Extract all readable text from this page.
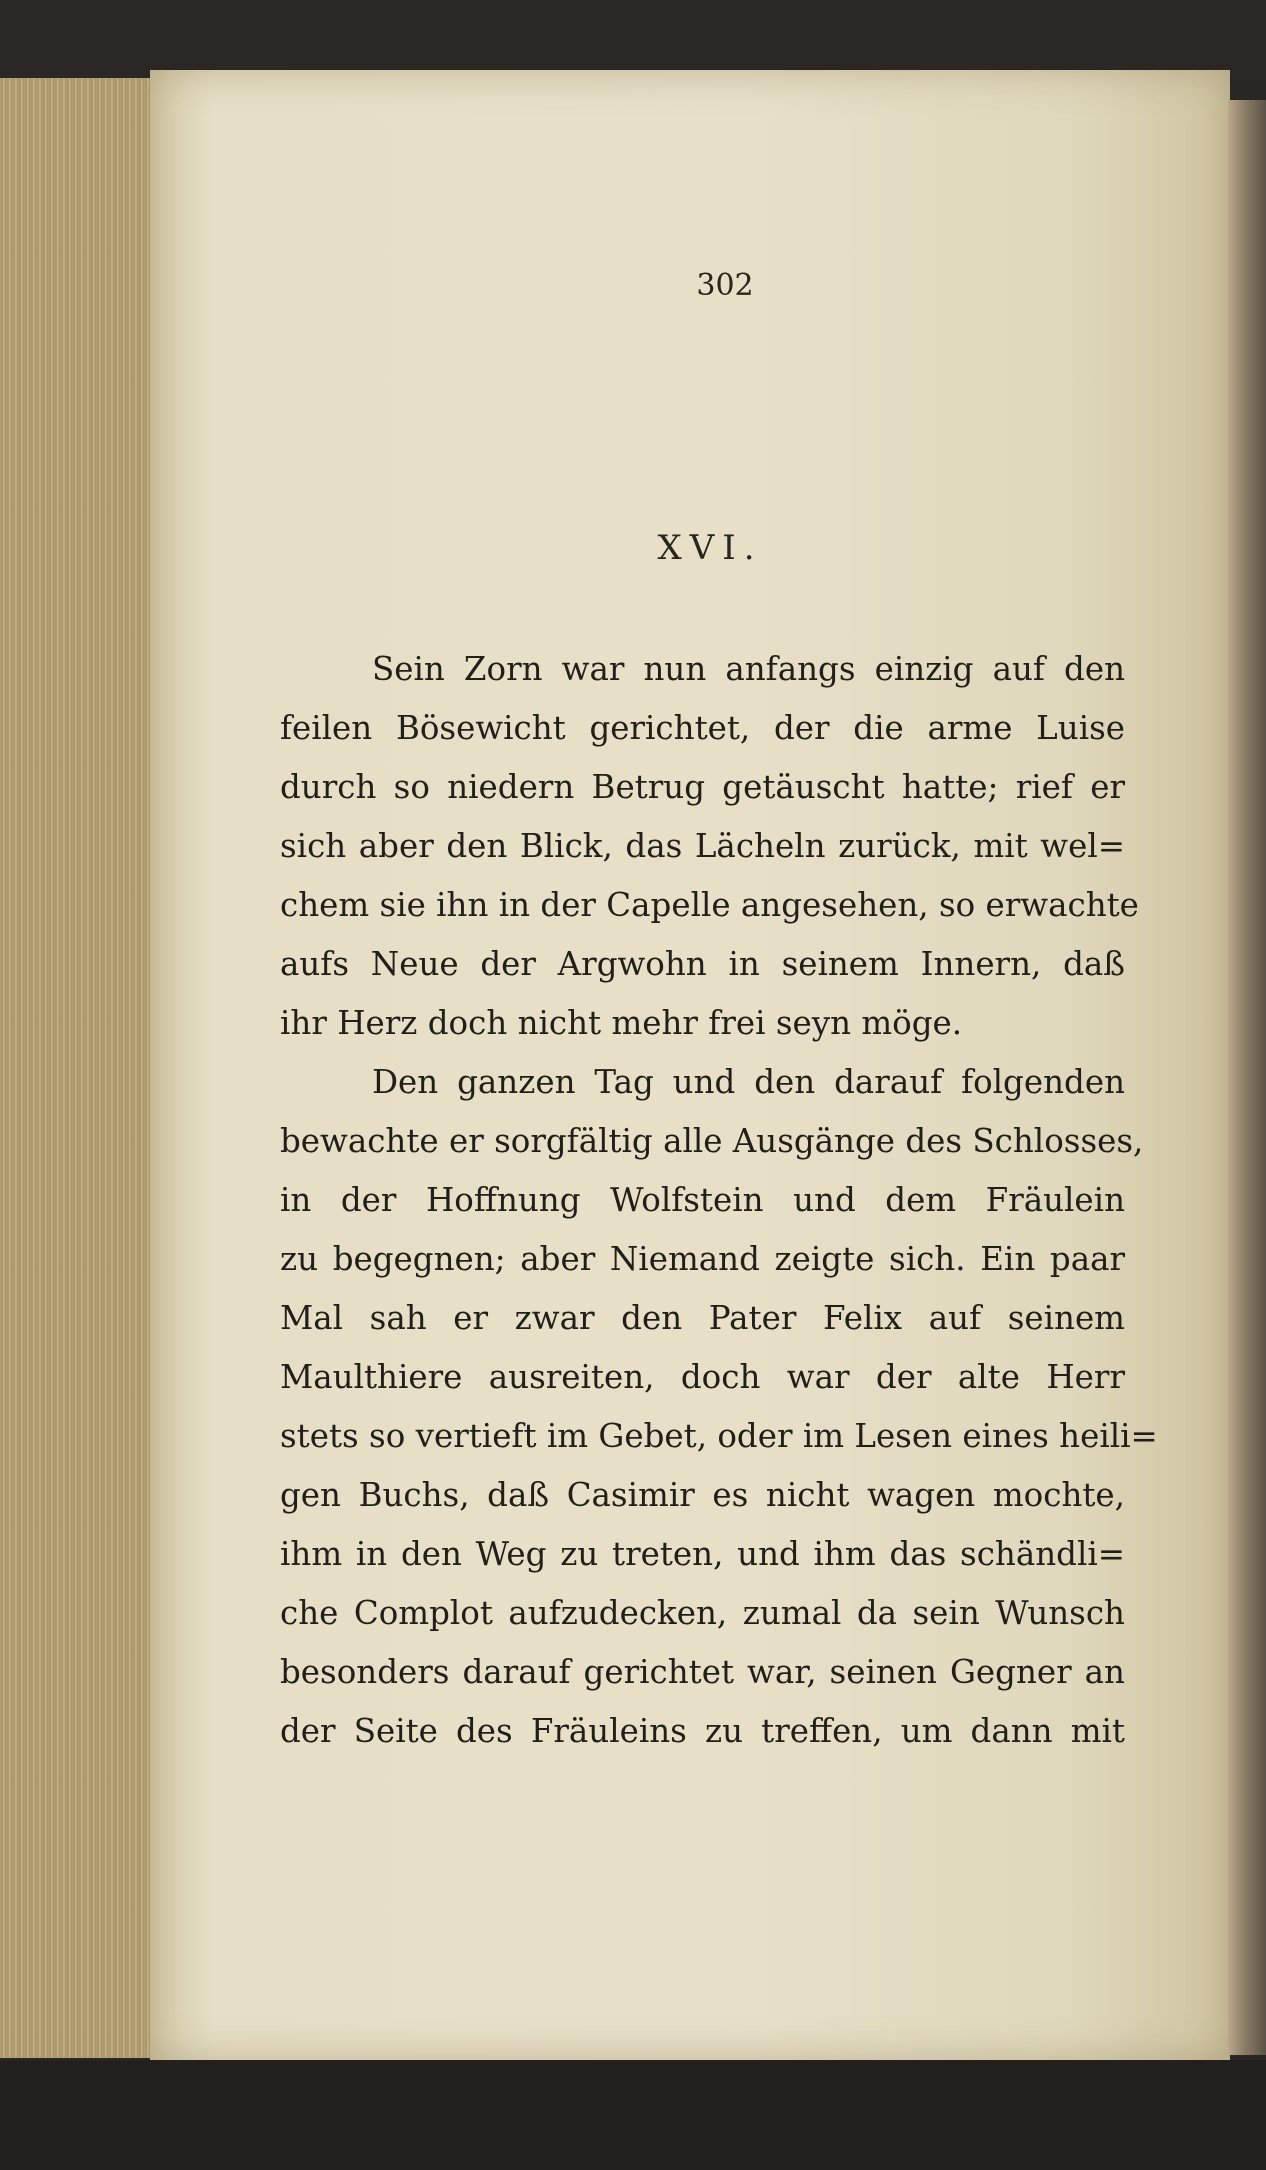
302
XVI.
Sein Zorn war nun anfangs einzig auf den
feilen Bösewicht gerichtet, der die arme Luise
durch so niedern Betrug getäuscht hatte; rief er
sich aber den Blick, das Lächeln zurück, mit wel=
chem sie ihn in der Capelle angesehen, so erwachte
aufs Neue der Argwohn in seinem Innern, daß
ihr Herz doch nicht mehr frei seyn möge.
Den ganzen Tag und den darauf folgenden
bewachte er sorgfältig alle Ausgänge des Schlosses,
in der Hoffnung Wolfstein und dem Fräulein
zu begegnen; aber Niemand zeigte sich. Ein paar
Mal sah er zwar den Pater Felix auf seinem
Maulthiere ausreiten, doch war der alte Herr
stets so vertieft im Gebet, oder im Lesen eines heili=
gen Buchs, daß Casimir es nicht wagen mochte,
ihm in den Weg zu treten, und ihm das schändli=
che Complot aufzudecken, zumal da sein Wunsch
besonders darauf gerichtet war, seinen Gegner an
der Seite des Fräuleins zu treffen, um dann mit
